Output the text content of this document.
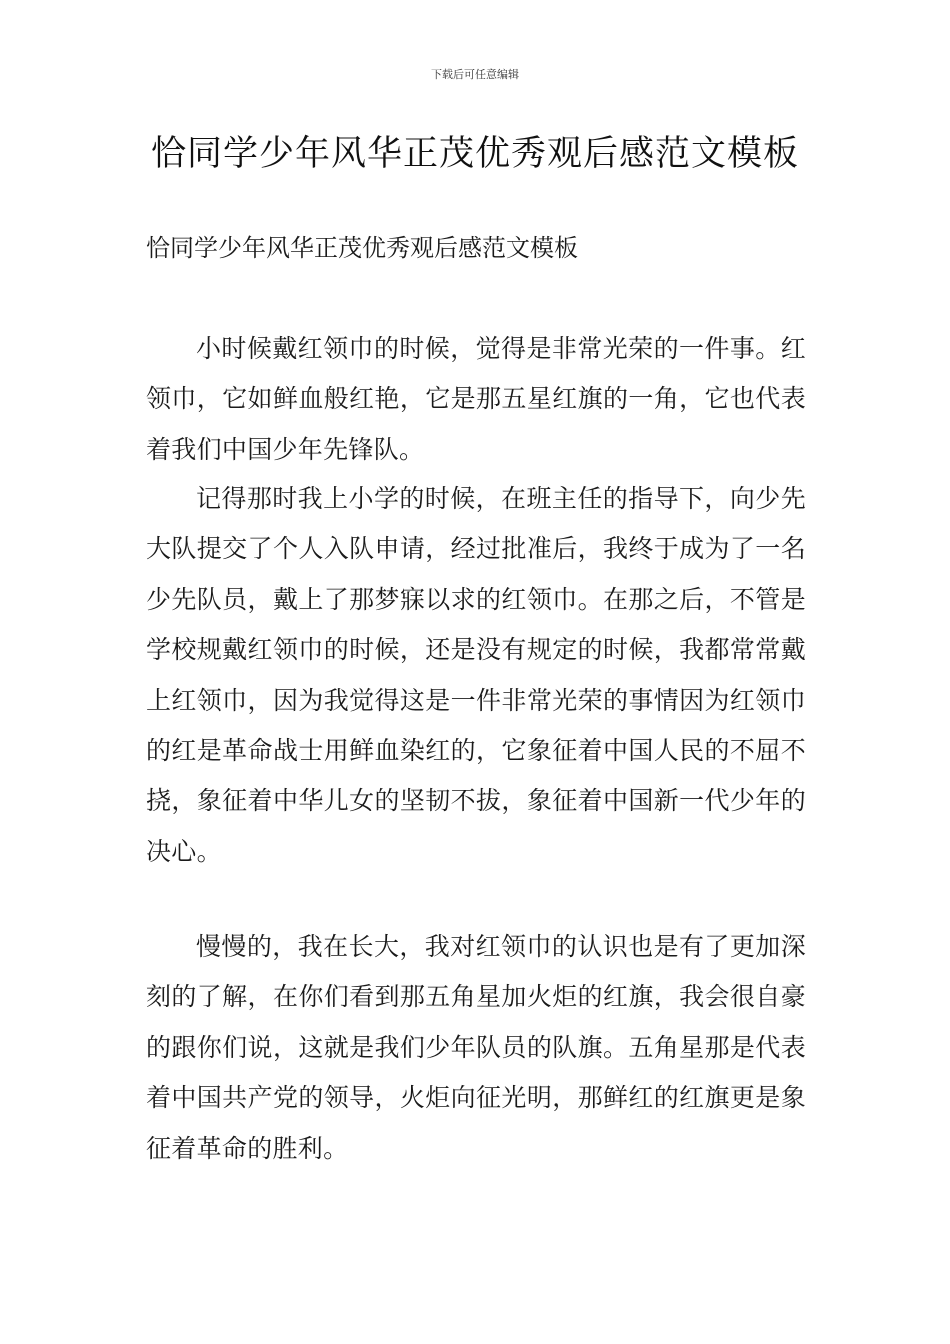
下载后可任意编辑
恰同学少年风华正茂优秀观后感范文模板

恰同学少年风华正茂优秀观后感范文模板

小时候戴红领巾的时候，觉得是非常光荣的一件事。红领巾，它如鲜血般红艳，它是那五星红旗的一角，它也代表着我们中国少年先锋队。

记得那时我上小学的时候，在班主任的指导下，向少先大队提交了个人入队申请，经过批准后，我终于成为了一名少先队员，戴上了那梦寐以求的红领巾。在那之后，不管是学校规戴红领巾的时候，还是没有规定的时候，我都常常戴上红领巾，因为我觉得这是一件非常光荣的事情因为红领巾的红是革命战士用鲜血染红的，它象征着中国人民的不屈不挠，象征着中华儿女的坚韧不拔，象征着中国新一代少年的决心。

慢慢的，我在长大，我对红领巾的认识也是有了更加深刻的了解，在你们看到那五角星加火炬的红旗，我会很自豪的跟你们说，这就是我们少年队员的队旗。五角星那是代表着中国共产党的领导，火炬向征光明，那鲜红的红旗更是象征着革命的胜利。
